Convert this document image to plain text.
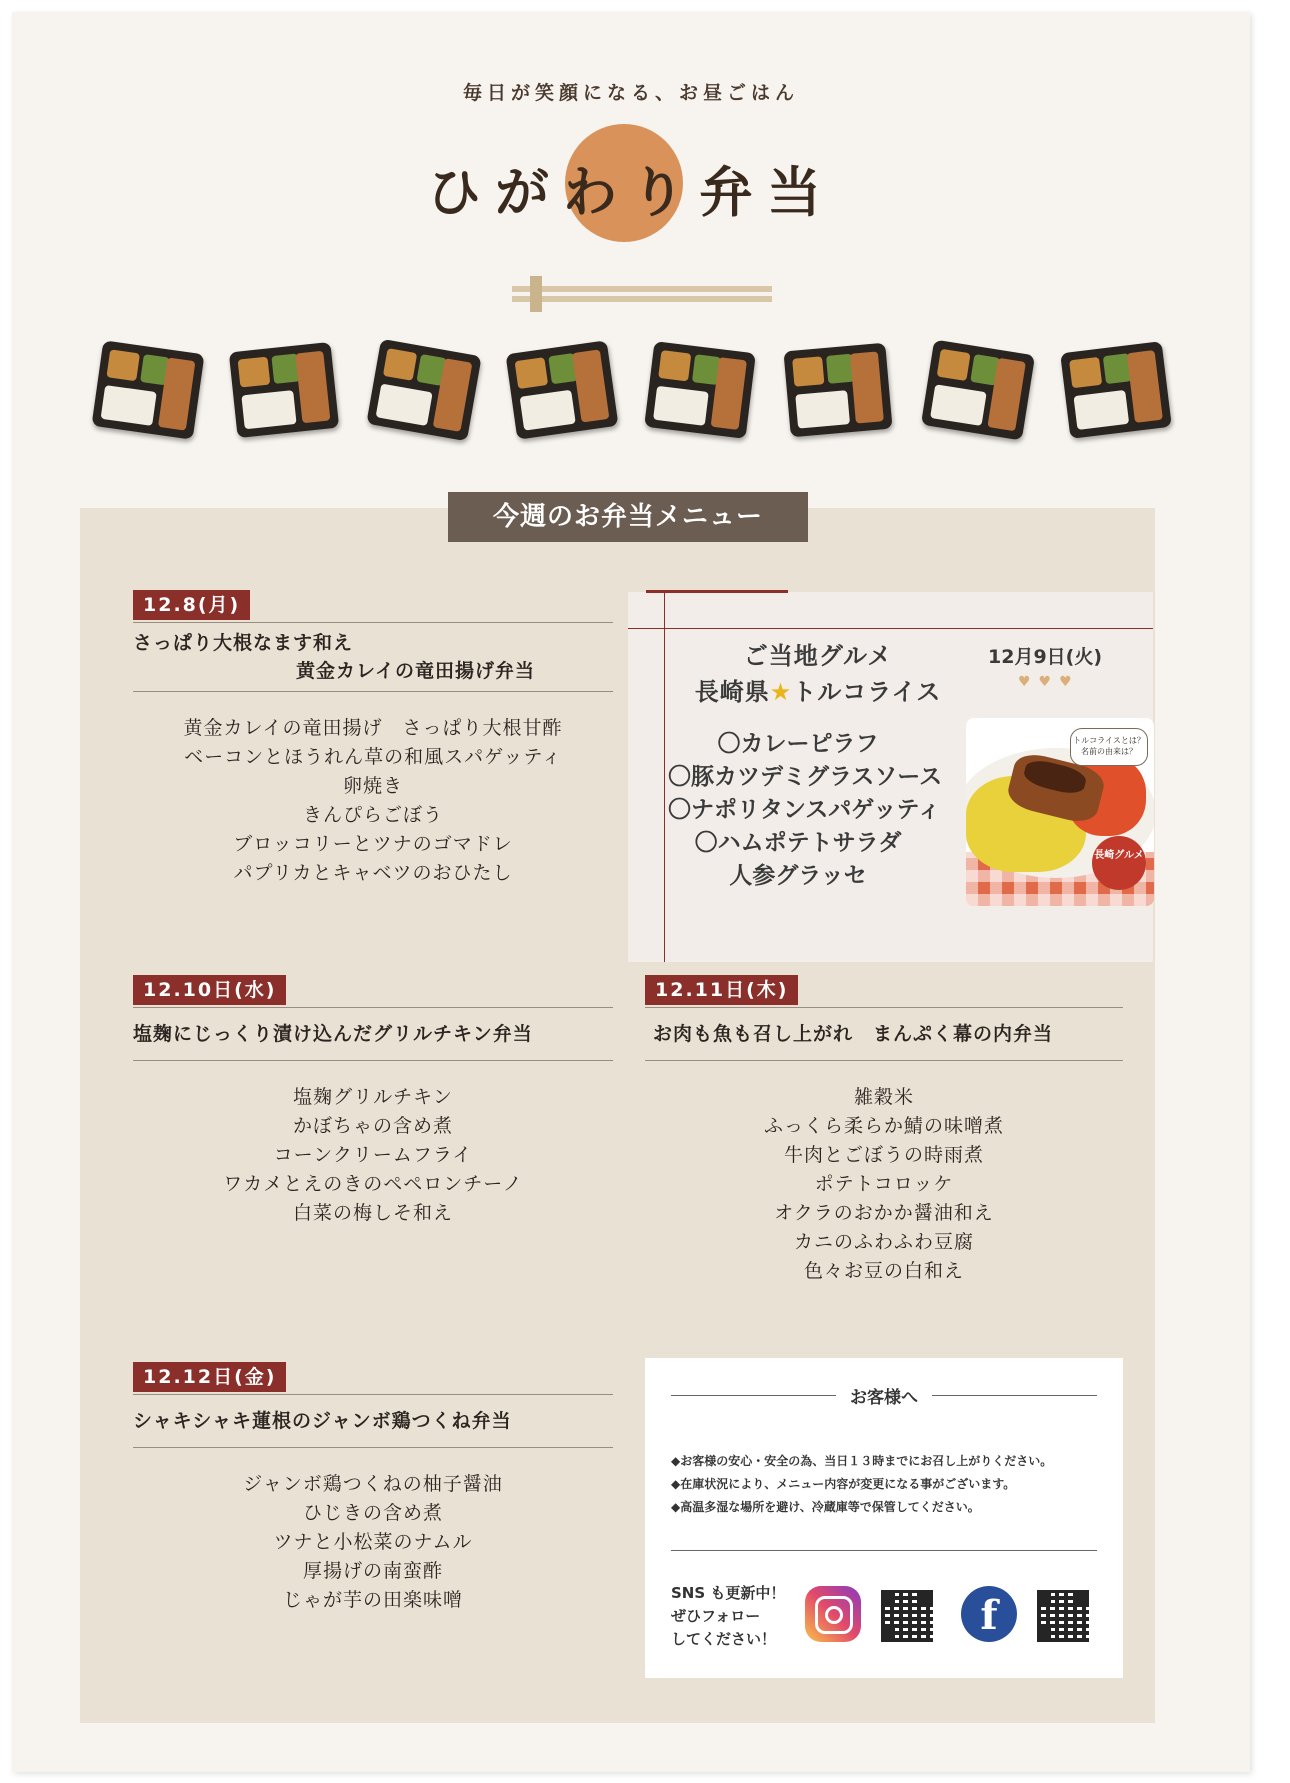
毎日が笑顔になる、お昼ごはん
ひがわり弁当
今週のお弁当メニュー
12.8(月)
さっぱり大根なます和え
黄金カレイの竜田揚げ弁当
黄金カレイの竜田揚げ　さっぱり大根甘酢
ベーコンとほうれん草の和風スパゲッティ
卵焼き
きんぴらごぼう
ブロッコリーとツナのゴマドレ
パプリカとキャベツのおひたし
ご当地グルメ
長崎県★トルコライス
12月9日(火)
♥♥♥
〇カレーピラフ
〇豚カツデミグラスソース
〇ナポリタンスパゲッティ
〇ハムポテトサラダ
人参グラッセ
トルコライスとは？名前の由来は？
長崎グルメ
12.10日(水)
塩麹にじっくり漬け込んだグリルチキン弁当
塩麹グリルチキン
かぼちゃの含め煮
コーンクリームフライ
ワカメとえのきのペペロンチーノ
白菜の梅しそ和え
12.11日(木)
お肉も魚も召し上がれ　まんぷく幕の内弁当
雑穀米
ふっくら柔らか鯖の味噌煮
牛肉とごぼうの時雨煮
ポテトコロッケ
オクラのおかか醤油和え
カニのふわふわ豆腐
色々お豆の白和え
12.12日(金)
シャキシャキ蓮根のジャンボ鶏つくね弁当
ジャンボ鶏つくねの柚子醤油
ひじきの含め煮
ツナと小松菜のナムル
厚揚げの南蛮酢
じゃが芋の田楽味噌
お客様へ
◆お客様の安心・安全の為、当日１３時までにお召し上がりください。
◆在庫状況により、メニュー内容が変更になる事がございます。
◆高温多湿な場所を避け、冷蔵庫等で保管してください。
SNS も更新中！
ぜひフォロー
してください！	f
